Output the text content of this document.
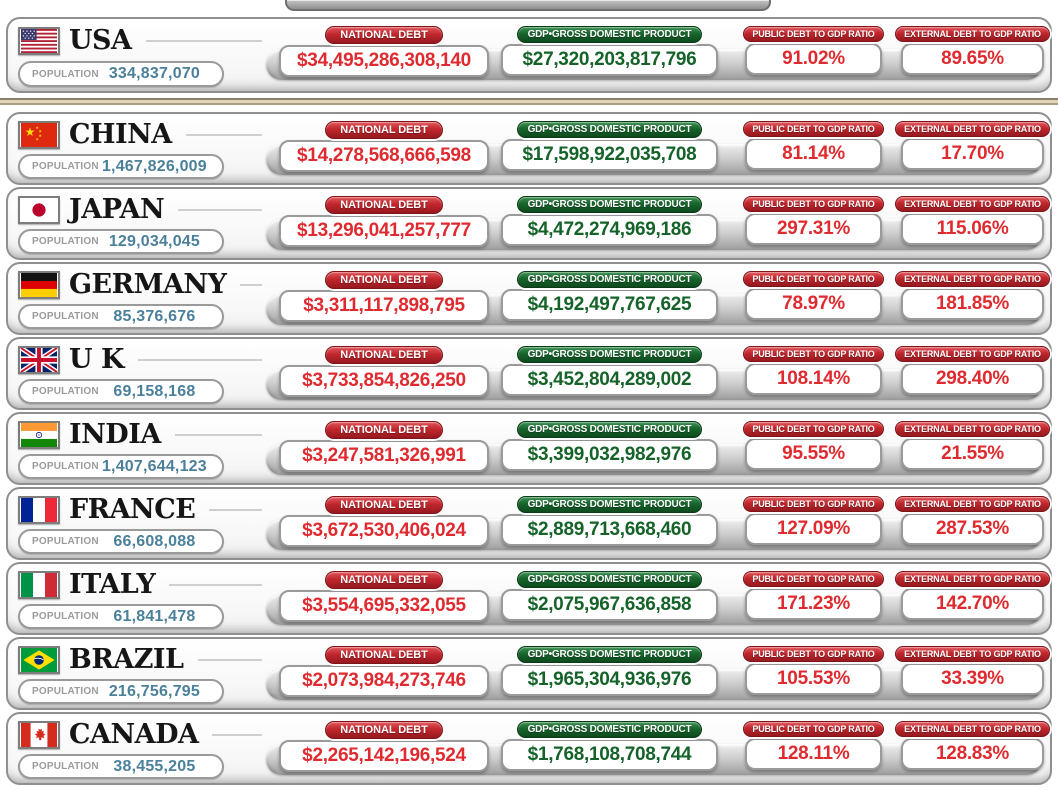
USA
POPULATION 334,837,070
NATIONAL DEBT
$34,495,286,308,140
GDP•GROSS DOMESTIC PRODUCT
$27,320,203,817,796
PUBLIC DEBT TO GDP RATIO
91.02%
EXTERNAL DEBT TO GDP RATIO
89.65%
★ ★
★
★
★ CHINA
POPULATION 1,467,826,009
NATIONAL DEBT
$14,278,568,666,598
GDP•GROSS DOMESTIC PRODUCT
$17,598,922,035,708
PUBLIC DEBT TO GDP RATIO
81.14%
EXTERNAL DEBT TO GDP RATIO
17.70%
JAPAN
POPULATION 129,034,045
NATIONAL DEBT
$13,296,041,257,777
GDP•GROSS DOMESTIC PRODUCT
$4,472,274,969,186
PUBLIC DEBT TO GDP RATIO
297.31%
EXTERNAL DEBT TO GDP RATIO
115.06%
GERMANY
POPULATION 85,376,676
NATIONAL DEBT
$3,311,117,898,795
GDP•GROSS DOMESTIC PRODUCT
$4,192,497,767,625
PUBLIC DEBT TO GDP RATIO
78.97%
EXTERNAL DEBT TO GDP RATIO
181.85%
U K
POPULATION 69,158,168
NATIONAL DEBT
$3,733,854,826,250
GDP•GROSS DOMESTIC PRODUCT
$3,452,804,289,002
PUBLIC DEBT TO GDP RATIO
108.14%
EXTERNAL DEBT TO GDP RATIO
298.40%
INDIA
POPULATION 1,407,644,123
NATIONAL DEBT
$3,247,581,326,991
GDP•GROSS DOMESTIC PRODUCT
$3,399,032,982,976
PUBLIC DEBT TO GDP RATIO
95.55%
EXTERNAL DEBT TO GDP RATIO
21.55%
FRANCE
POPULATION 66,608,088
NATIONAL DEBT
$3,672,530,406,024
GDP•GROSS DOMESTIC PRODUCT
$2,889,713,668,460
PUBLIC DEBT TO GDP RATIO
127.09%
EXTERNAL DEBT TO GDP RATIO
287.53%
ITALY
POPULATION 61,841,478
NATIONAL DEBT
$3,554,695,332,055
GDP•GROSS DOMESTIC PRODUCT
$2,075,967,636,858
PUBLIC DEBT TO GDP RATIO
171.23%
EXTERNAL DEBT TO GDP RATIO
142.70%
BRAZIL
POPULATION 216,756,795
NATIONAL DEBT
$2,073,984,273,746
GDP•GROSS DOMESTIC PRODUCT
$1,965,304,936,976
PUBLIC DEBT TO GDP RATIO
105.53%
EXTERNAL DEBT TO GDP RATIO
33.39%
CANADA
POPULATION 38,455,205
NATIONAL DEBT
$2,265,142,196,524
GDP•GROSS DOMESTIC PRODUCT
$1,768,108,708,744
PUBLIC DEBT TO GDP RATIO
128.11%
EXTERNAL DEBT TO GDP RATIO
128.83%
